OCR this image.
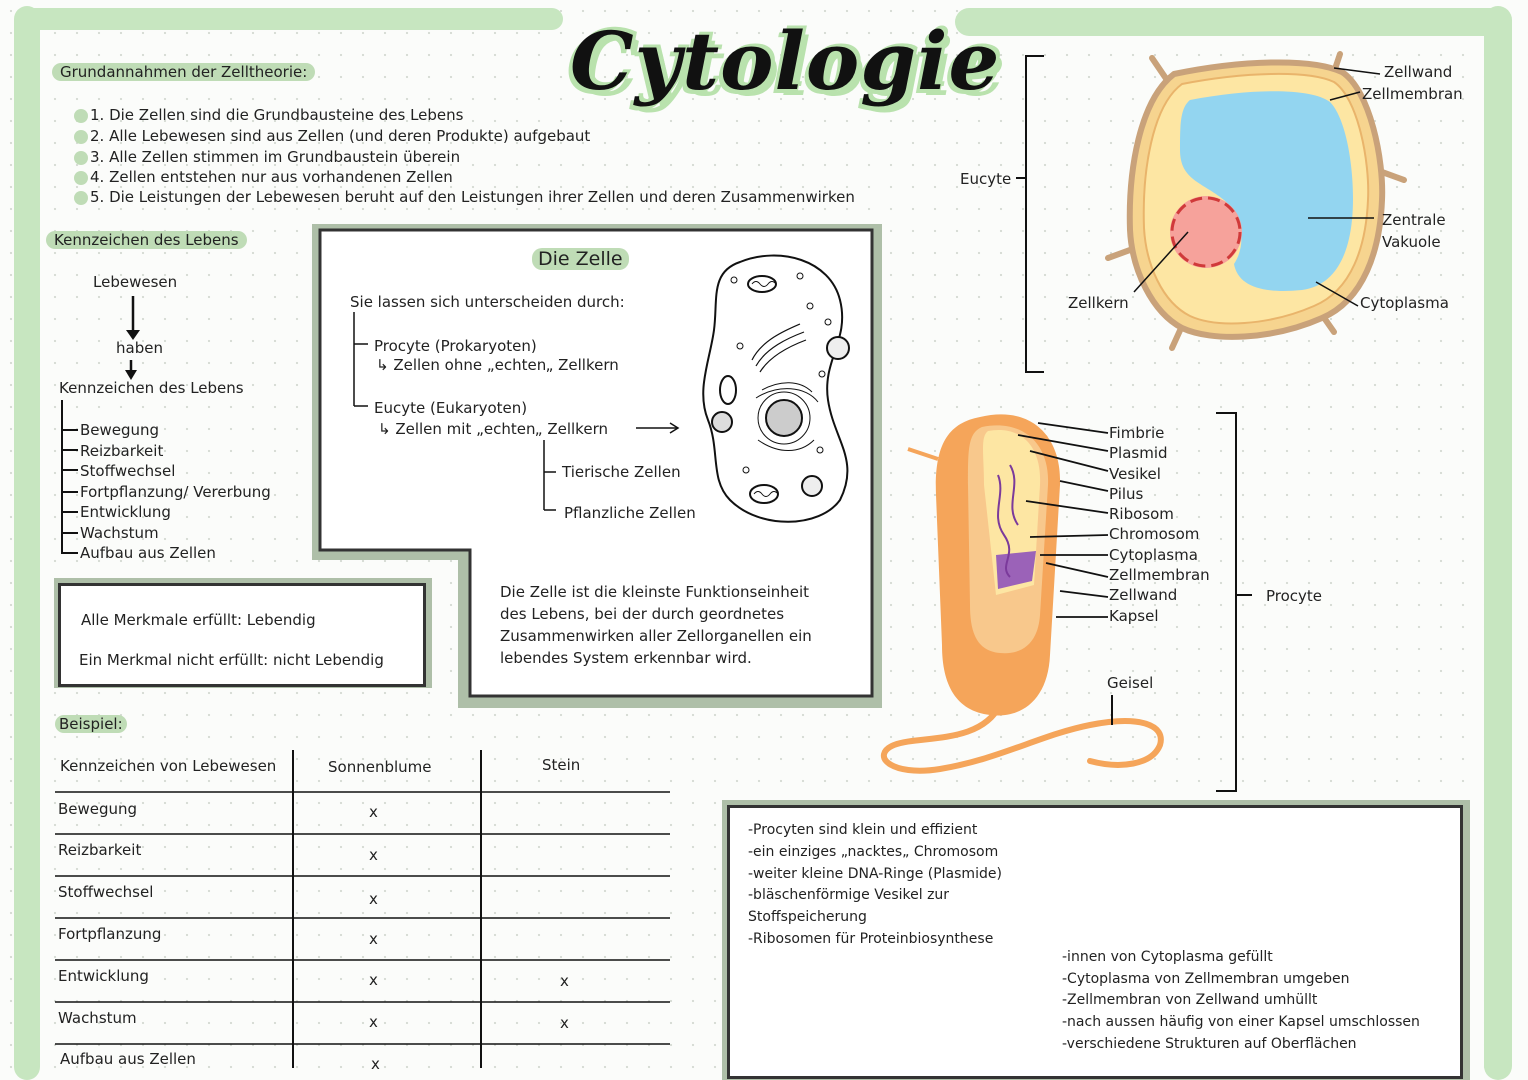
Cytologie
Grundannahmen der Zelltheorie:
1. Die Zellen sind die Grundbausteine des Lebens
2. Alle Lebewesen sind aus Zellen (und deren Produkte) aufgebaut
3. Alle Zellen stimmen im Grundbaustein überein
4. Zellen entstehen nur aus vorhandenen Zellen
5. Die Leistungen der Lebewesen beruht auf den Leistungen ihrer Zellen und deren Zusammenwirken
Kennzeichen des Lebens
Lebewesen
haben
Kennzeichen des Lebens
Bewegung
Reizbarkeit
Stoffwechsel
Fortpflanzung/ Vererbung
Entwicklung
Wachstum
Aufbau aus Zellen
Alle Merkmale erfüllt: Lebendig
Ein Merkmal nicht erfüllt: nicht Lebendig
Die Zelle
Sie lassen sich unterscheiden durch:
Procyte (Prokaryoten)
↳ Zellen ohne „echten„ Zellkern
Eucyte (Eukaryoten)
↳ Zellen mit „echten„ Zellkern
Tierische Zellen
Pflanzliche Zellen
Die Zelle ist die kleinste Funktionseinheit
des Lebens, bei der durch geordnetes
Zusammenwirken aller Zellorganellen ein
lebendes System erkennbar wird.
Beispiel:
Kennzeichen von Lebewesen	Sonnenblume	Stein
Bewegung	x
Reizbarkeit	x
Stoffwechsel	x
Fortpflanzung	x
Entwicklung	x	x
Wachstum	x	x
Aufbau aus Zellen	x
Eucyte
Zellwand
Zellmembran
Zentrale Vakuole
Zellkern	Cytoplasma
Fimbrie
Plasmid
Vesikel
Pilus
Ribosom
Chromosom
Cytoplasma
Zellmembran
Zellwand
Kapsel
Geisel
Procyte
-Procyten sind klein und effizient
-ein einziges „nacktes„ Chromosom
-weiter kleine DNA-Ringe (Plasmide)
-bläschenförmige Vesikel zur
Stoffspeicherung
-Ribosomen für Proteinbiosynthese
-innen von Cytoplasma gefüllt
-Cytoplasma von Zellmembran umgeben
-Zellmembran von Zellwand umhüllt
-nach aussen häufig von einer Kapsel umschlossen
-verschiedene Strukturen auf Oberflächen
